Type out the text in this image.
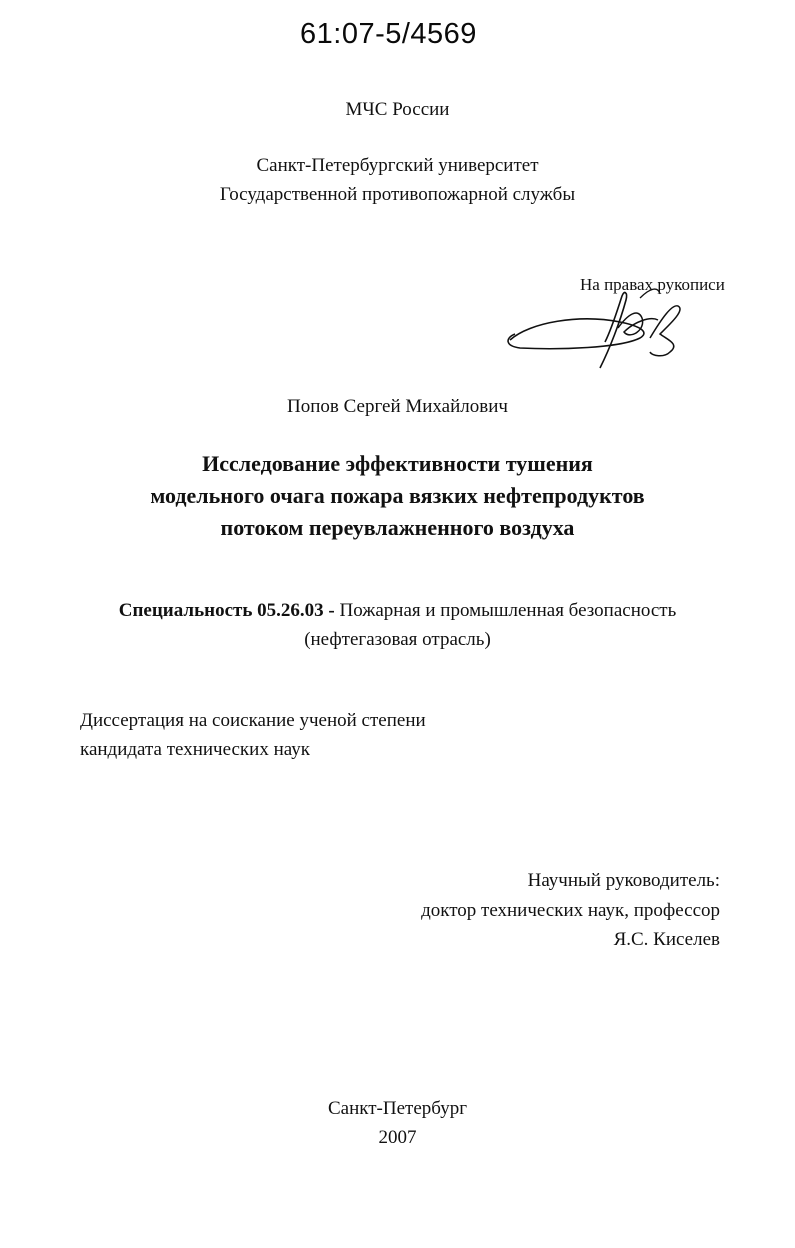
61:07-5/4569
МЧС России
Санкт-Петербургский университет
Государственной противопожарной службы
На правах рукописи
Попов Сергей Михайлович
Исследование эффективности тушения
модельного очага пожара вязких нефтепродуктов
потоком переувлажненного воздуха
Специальность 05.26.03 - Пожарная и промышленная безопасность
(нефтегазовая отрасль)
Диссертация на соискание ученой степени
кандидата технических наук
Научный руководитель:
доктор технических наук, профессор
Я.С. Киселев
Санкт-Петербург
2007
